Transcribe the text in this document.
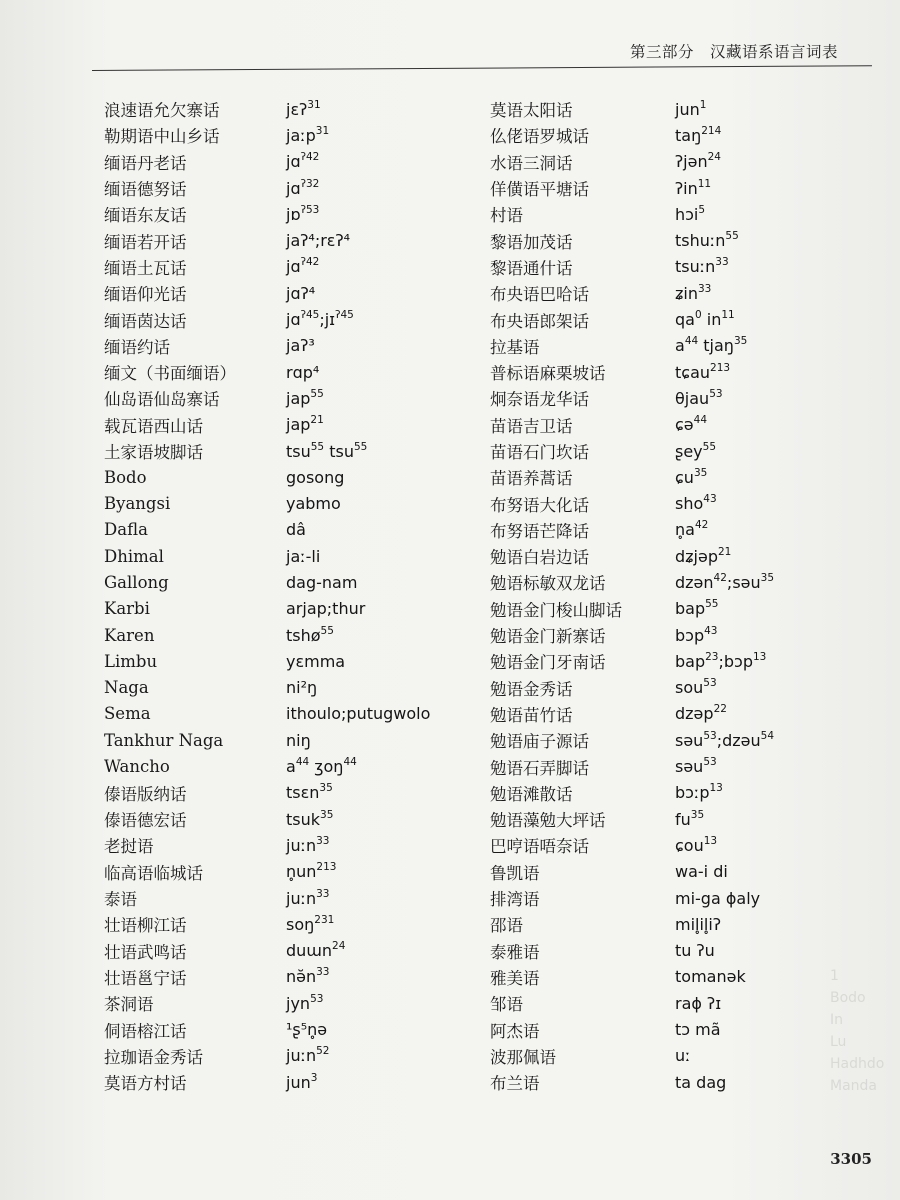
第三部分 汉藏语系语言词表
浪速语允欠寨话	jɛʔ$^{31}$
勒期语中山乡话	jaːp$^{31}$
缅语丹老话	jɑ$^{ʔ42}$
缅语德努话	jɑ$^{ʔ32}$
缅语东友话	jɒ$^{ʔ53}$
缅语若开话	jaʔ⁴;rɛʔ⁴
缅语土瓦话	jɑ$^{ʔ42}$
缅语仰光话	jɑʔ⁴
缅语茵达话	jɑ$^{ʔ45}$;jɪ$^{ʔ45}$
缅语约话	jaʔ³
缅文（书面缅语）	rɑp⁴
仙岛语仙岛寨话	jap$^{55}$
载瓦语西山话	jap$^{21}$
土家语坡脚话	tsu$^{55}$ tsu$^{55}$
Bodo	gosong
Byangsi	yabmo
Dafla	dâ
Dhimal	jaː-li
Gallong	dag-nam
Karbi	arjap;thur
Karen	tshø$^{55}$
Limbu	yɛmma
Naga	ni²ŋ
Sema	ithoulo;putugwolo
Tankhur Naga	niŋ
Wancho	$a^{44}$ ʒoŋ$^{44}$
傣语版纳话	tsɛn$^{35}$
傣语德宏话	tsuk$^{35}$
老挝语	juːn$^{33}$
临高语临城话	$n̥un^{213}$
泰语	juːn$^{33}$
壮语柳江话	soŋ$^{231}$
壮语武鸣话	duɯn$^{24}$
壮语邕宁话	$nə̆n^{33}$
茶洞语	jyn$^{53}$
侗语榕江话	¹ʂ⁵n̥ə
拉珈语金秀话	juːn$^{52}$
莫语方村话	jun$^3$
莫语太阳话	jun$^1$
仫佬语罗城话	taŋ$^{214}$
水语三洞话	ʔjən$^{24}$
佯僙语平塘话	ʔin$^{11}$
村语	hɔi$^5$
黎语加茂话	tshuːn$^{55}$
黎语通什话	tsuːn$^{33}$
布央语巴哈话	ʑin$^{33}$
布央语郎架话	$qa^0$ $in^{11}$
拉基语	$a^{44}$ tjaŋ$^{35}$
普标语麻栗坡话	tɕau$^{213}$
炯奈语龙华话	θjau$^{53}$
苗语吉卫话	ɕə$^{44}$
苗语石门坎话	ʂey$^{55}$
苗语养蒿话	ɕu$^{35}$
布努语大化话	sho$^{43}$
布努语芒降话	$n̥a^{42}$
勉语白岩边话	dʑjəp$^{21}$
勉语标敏双龙话	dzən$^{42}$;səu$^{35}$
勉语金门梭山脚话	bap$^{55}$
勉语金门新寨话	bɔp$^{43}$
勉语金门牙南话	bap$^{23}$;bɔp$^{13}$
勉语金秀话	sou$^{53}$
勉语苗竹话	dzəp$^{22}$
勉语庙子源话	səu$^{53}$;dzəu$^{54}$
勉语石弄脚话	səu$^{53}$
勉语滩散话	bɔːp$^{13}$
勉语藻勉大坪话	$fu^{35}$
巴哼语唔奈话	ɕou$^{13}$
鲁凯语	wa-i di
排湾语	mi-ga ɸaly
邵语	mil̥il̥iʔ
泰雅语	tu ʔu
雅美语	tomanək
邹语	raɸ ʔɪ
阿杰语	tɔ mã
波那佩语	uː
布兰语	ta dag
1
Bodo
In
Lu
Hadhdo
Manda
3305
